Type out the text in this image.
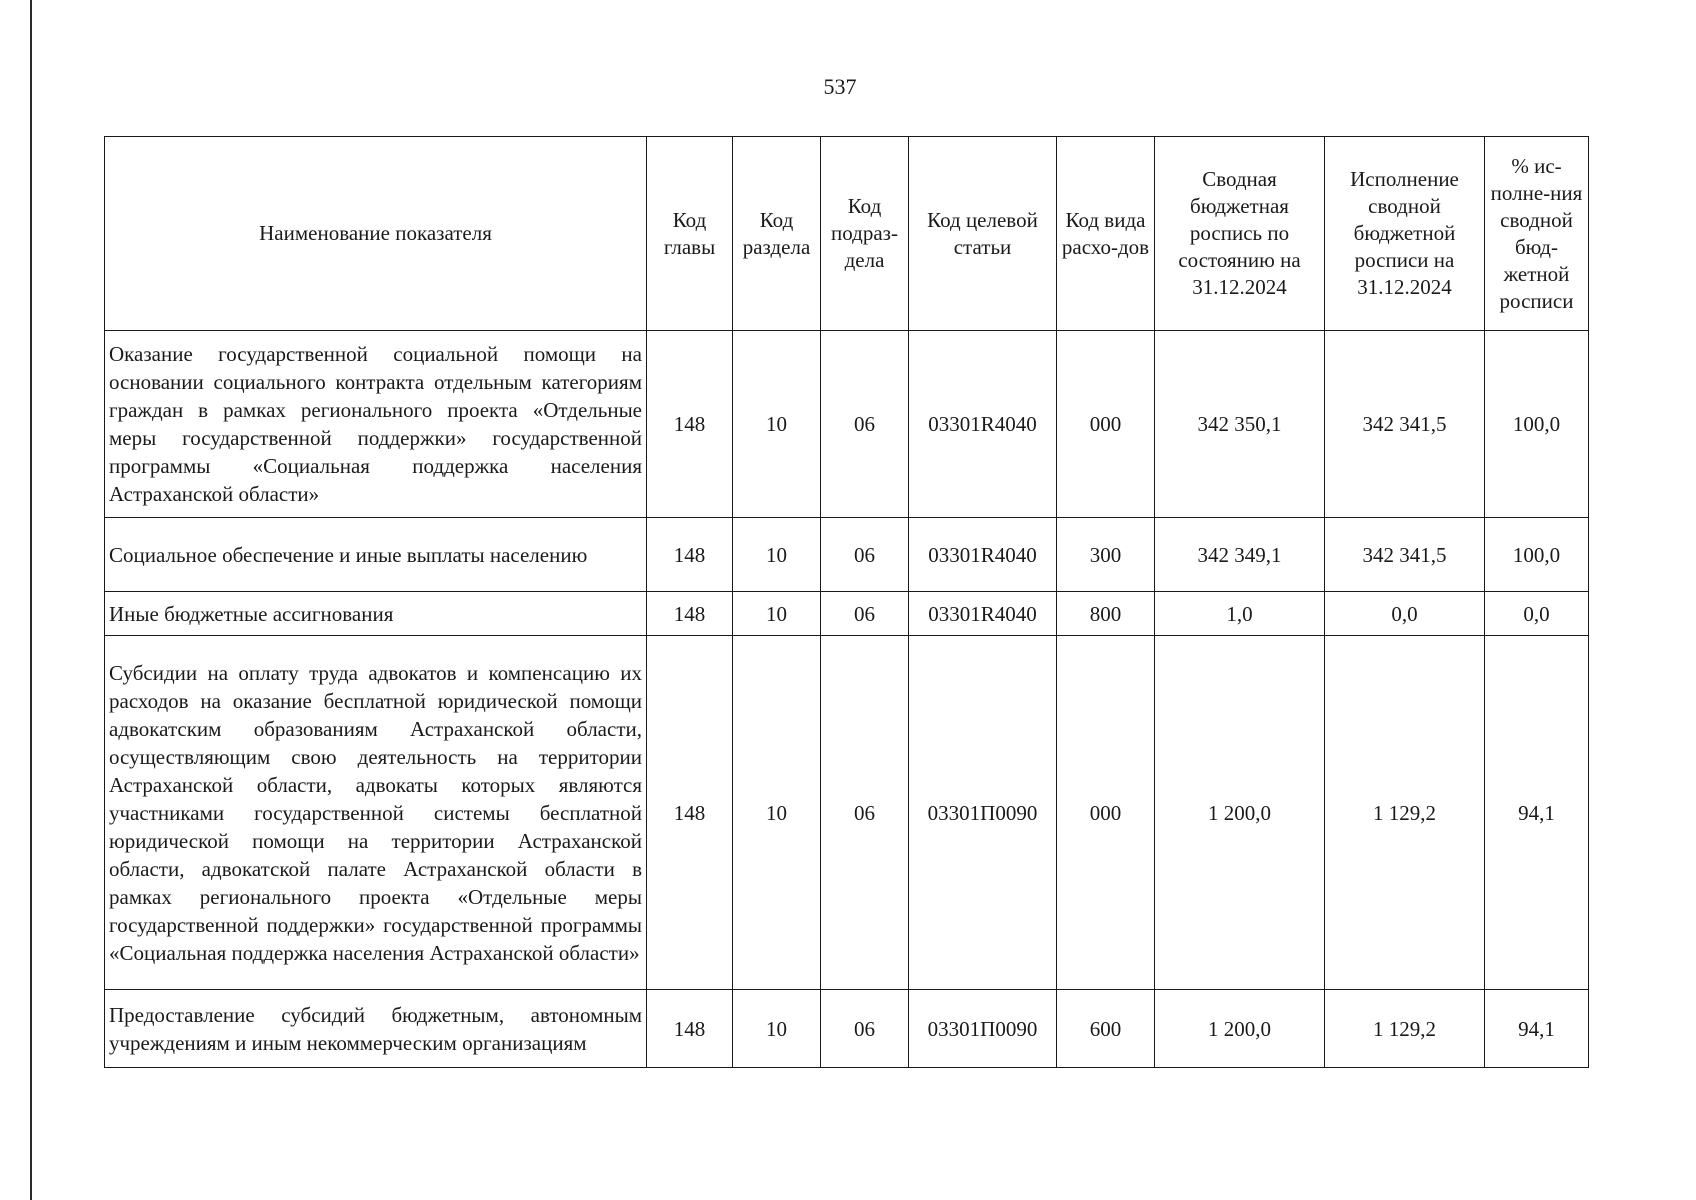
537
Наименование показателя	Код главы	Код раздела	Код подраз-дела	Код целевой статьи	Код вида расхо-дов	Сводная бюджетная роспись по состоянию на 31.12.2024	Исполнение сводной бюджетной росписи на 31.12.2024	% ис-полне-ния сводной бюд-жетной росписи
Оказание государственной социальной помощи на основании социального контракта отдельным категориям граждан в рамках регионального проекта «Отдельные меры государственной поддержки» государственной программы «Социальная поддержка населения Астраханской области»	148	10	06	03301R4040	000	342 350,1	342 341,5	100,0
Социальное обеспечение и иные выплаты населению	148	10	06	03301R4040	300	342 349,1	342 341,5	100,0
Иные бюджетные ассигнования	148	10	06	03301R4040	800	1,0	0,0	0,0
Субсидии на оплату труда адвокатов и компенсацию их расходов на оказание бесплатной юридической помощи адвокатским образованиям Астраханской области, осуществляющим свою деятельность на территории Астраханской области, адвокаты которых являются участниками государственной системы бесплатной юридической помощи на территории Астраханской области, адвокатской палате Астраханской области в рамках регионального проекта «Отдельные меры государственной поддержки» государственной программы «Социальная поддержка населения Астраханской области»	148	10	06	03301П0090	000	1 200,0	1 129,2	94,1
Предоставление субсидий бюджетным, автономным учреждениям и иным некоммерческим организациям	148	10	06	03301П0090	600	1 200,0	1 129,2	94,1
